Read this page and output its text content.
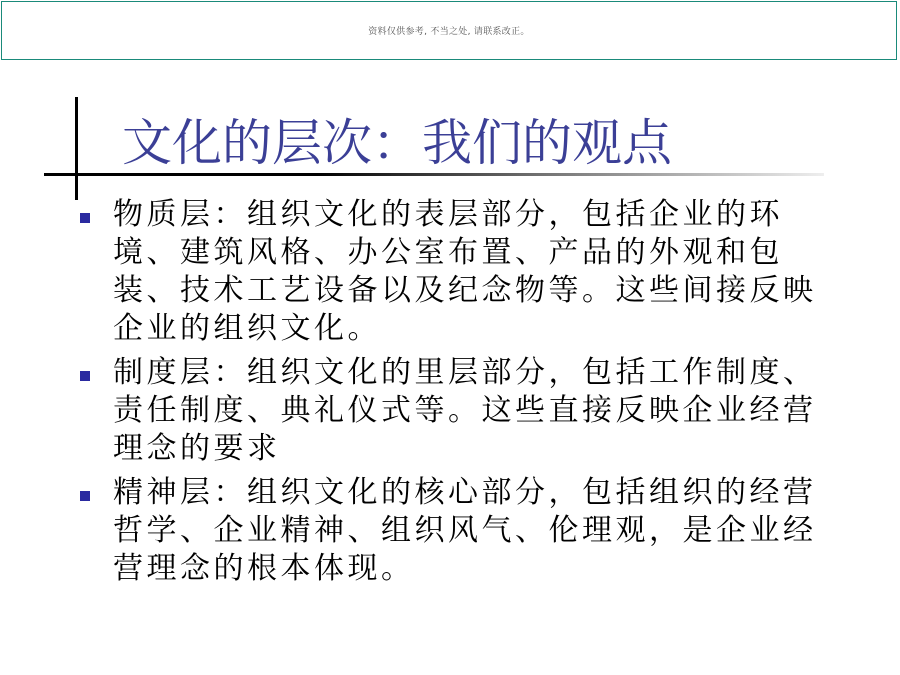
资料仅供参考, 不当之处, 请联系改正。
文化的层次：我们的观点
物质层：组织文化的表层部分，包括企业的环境、建筑风格、办公室布置、产品的外观和包装、技术工艺设备以及纪念物等。这些间接反映企业的组织文化。
制度层：组织文化的里层部分，包括工作制度、责任制度、典礼仪式等。这些直接反映企业经营理念的要求
精神层：组织文化的核心部分，包括组织的经营哲学、企业精神、组织风气、伦理观，是企业经营理念的根本体现。
